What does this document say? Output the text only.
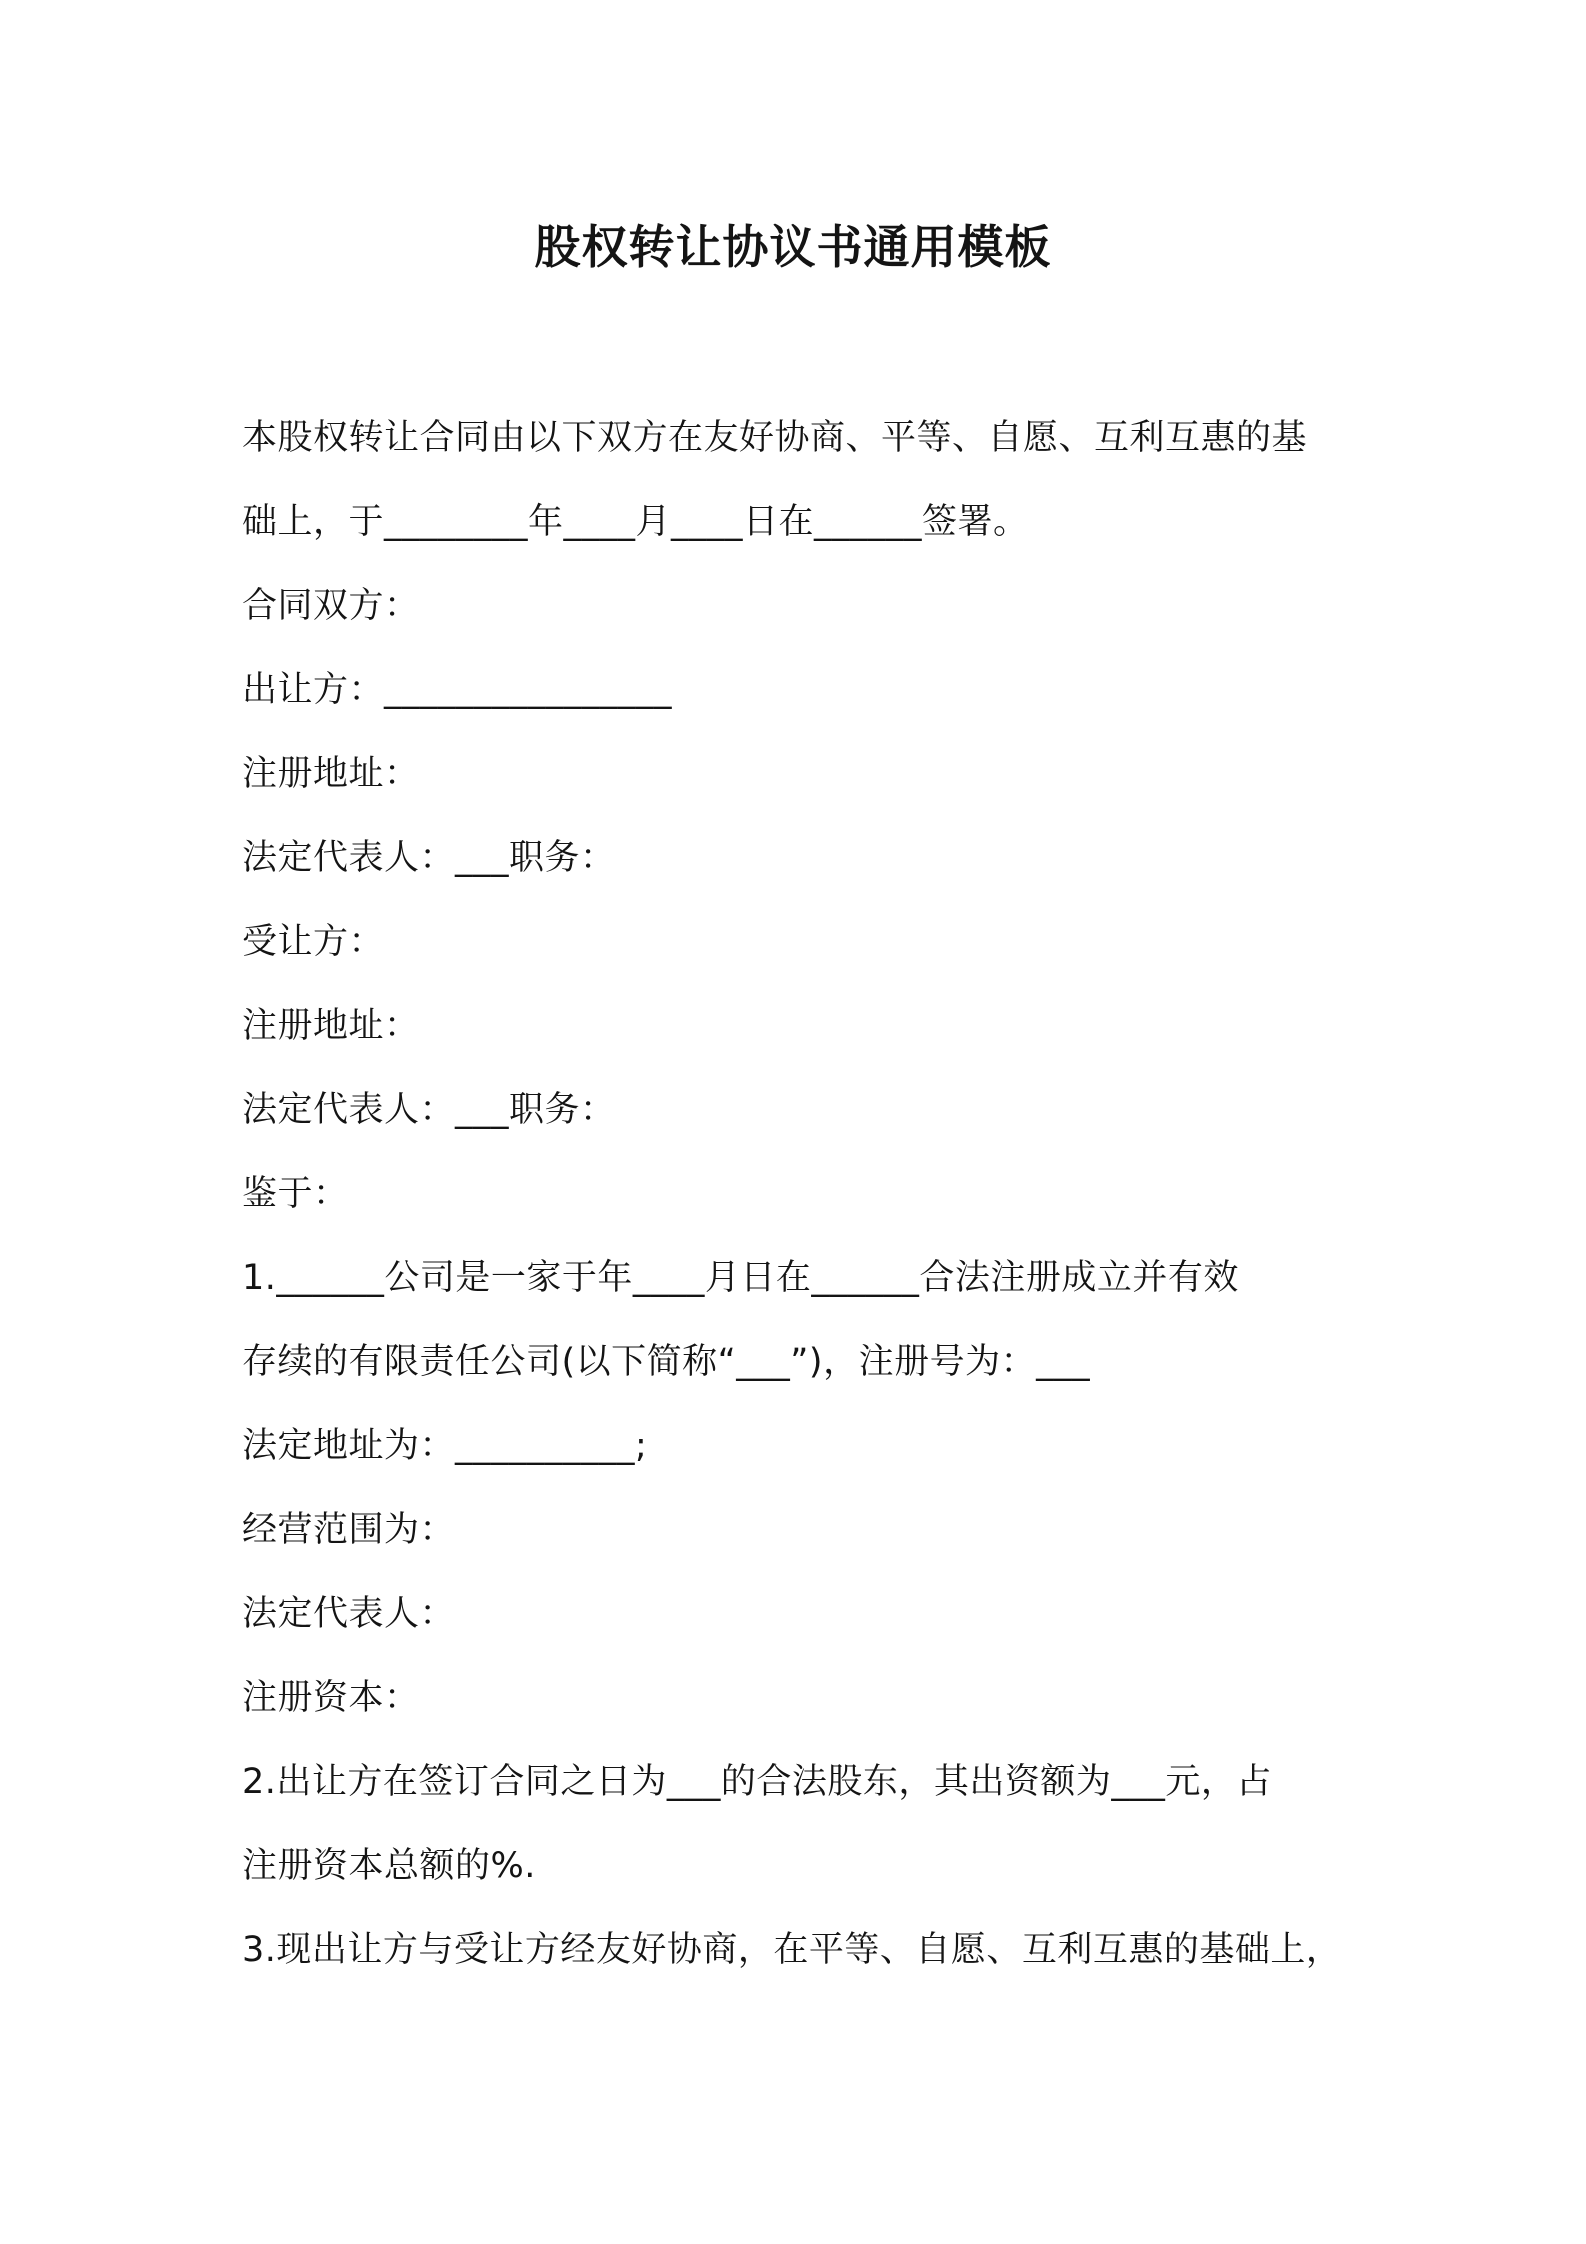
股权转让协议书通用模板
本股权转让合同由以下双方在友好协商、平等、自愿、互利互惠的基
础上，于________年____月____日在______签署。
合同双方：
出让方：________________
注册地址：
法定代表人：___职务：
受让方：
注册地址：
法定代表人：___职务：
鉴于：
1.______公司是一家于年____月日在______合法注册成立并有效
存续的有限责任公司(以下简称“___”)，注册号为：___
法定地址为：__________;
经营范围为：
法定代表人：
注册资本：
2.出让方在签订合同之日为___的合法股东，其出资额为___元，占
注册资本总额的%.
3.现出让方与受让方经友好协商，在平等、自愿、互利互惠的基础上，
